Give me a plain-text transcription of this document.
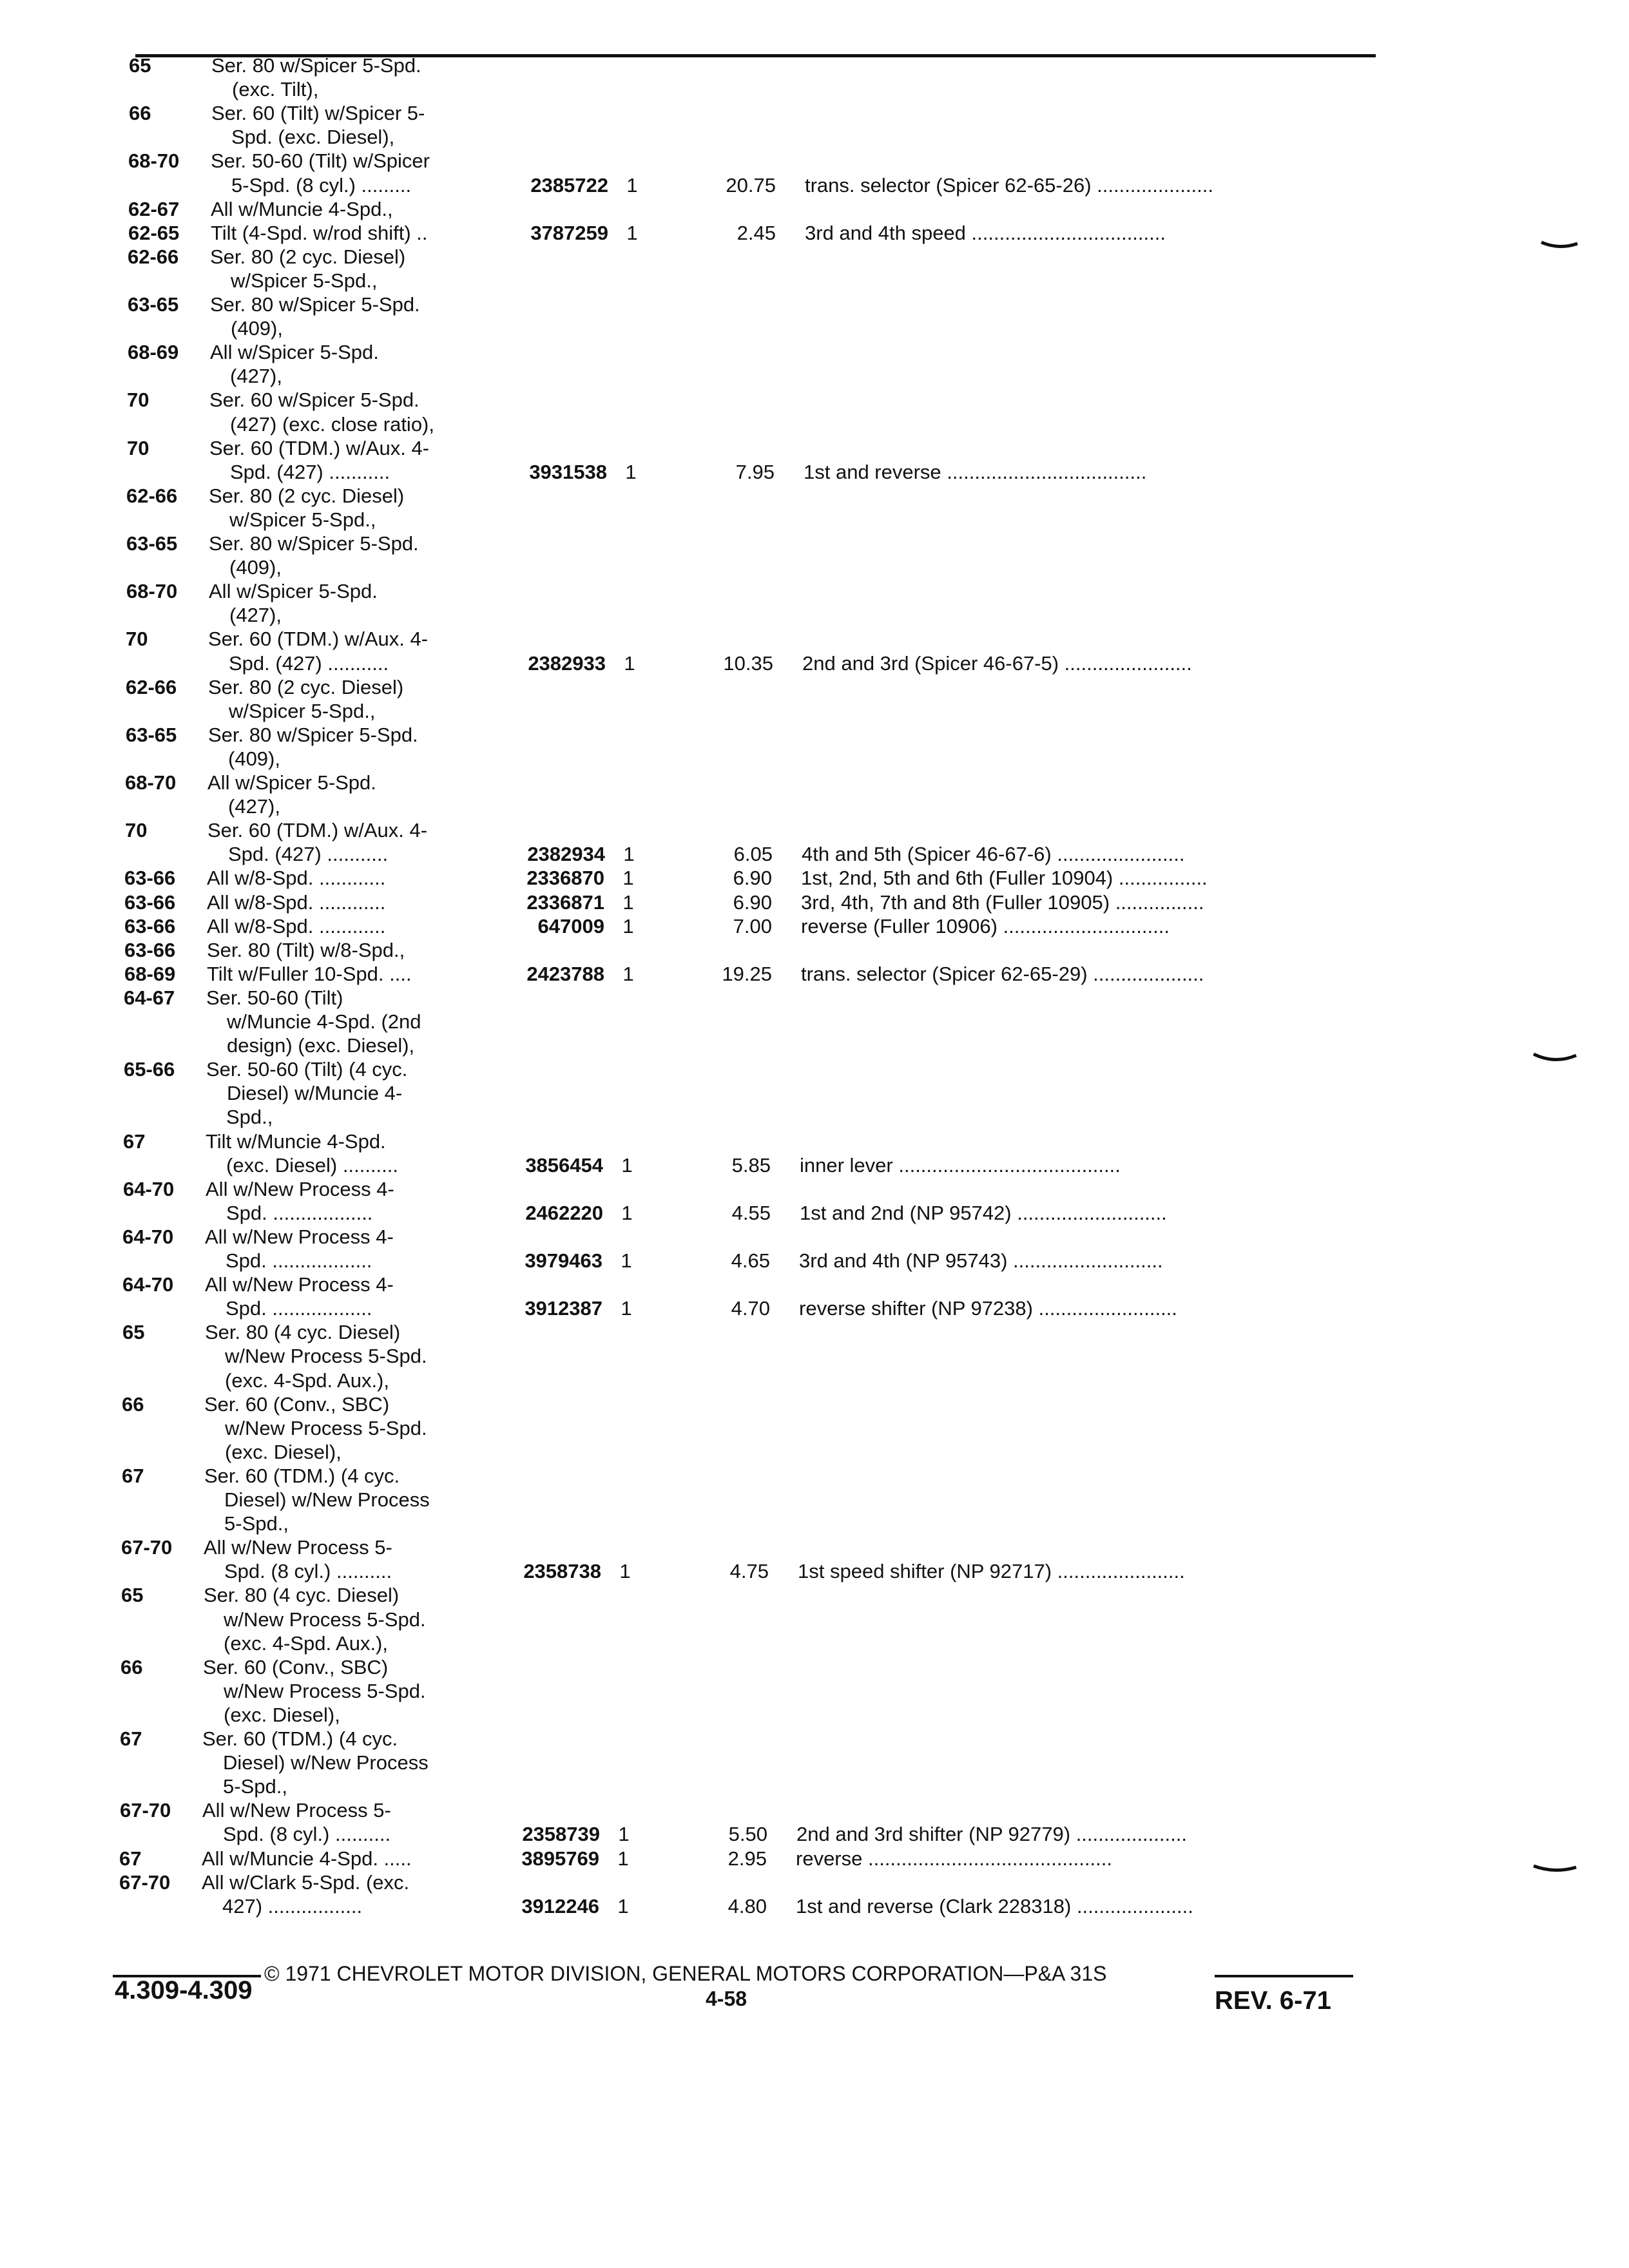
65	Ser. 80 w/Spicer 5-Spd.
(exc. Tilt),
66	Ser. 60 (Tilt) w/Spicer 5-
Spd. (exc. Diesel),
68-70 Ser. 50-60 (Tilt) w/Spicer
5-Spd. (8 cyl.) .........	2385722 1	20.75 trans. selector (Spicer 62-65-26) .....................
62-67 All w/Muncie 4-Spd.,
62-65 Tilt (4-Spd. w/rod shift) ..	3787259 1	2.45 3rd and 4th speed ...................................
62-66 Ser. 80 (2 cyc. Diesel)
w/Spicer 5-Spd.,
63-65 Ser. 80 w/Spicer 5-Spd.
(409),
68-69 All w/Spicer 5-Spd.
(427),
70	Ser. 60 w/Spicer 5-Spd.
(427) (exc. close ratio),
70	Ser. 60 (TDM.) w/Aux. 4-
Spd. (427) ...........	3931538 1	7.95 1st and reverse ....................................
62-66 Ser. 80 (2 cyc. Diesel)
w/Spicer 5-Spd.,
63-65 Ser. 80 w/Spicer 5-Spd.
(409),
68-70 All w/Spicer 5-Spd.
(427),
70	Ser. 60 (TDM.) w/Aux. 4-
Spd. (427) ...........	2382933 1	10.35 2nd and 3rd (Spicer 46-67-5) .......................
62-66 Ser. 80 (2 cyc. Diesel)
w/Spicer 5-Spd.,
63-65 Ser. 80 w/Spicer 5-Spd.
(409),
68-70 All w/Spicer 5-Spd.
(427),
70	Ser. 60 (TDM.) w/Aux. 4-
Spd. (427) ...........	2382934 1	6.05 4th and 5th (Spicer 46-67-6) .......................
63-66 All w/8-Spd. ............	2336870 1	6.90 1st, 2nd, 5th and 6th (Fuller 10904) ................
63-66 All w/8-Spd. ............	2336871 1	6.90 3rd, 4th, 7th and 8th (Fuller 10905) ................
63-66 All w/8-Spd. ............	647009 1	7.00 reverse (Fuller 10906) ..............................
63-66 Ser. 80 (Tilt) w/8-Spd.,
68-69 Tilt w/Fuller 10-Spd. ....	2423788 1	19.25 trans. selector (Spicer 62-65-29) ....................
64-67 Ser. 50-60 (Tilt)
w/Muncie 4-Spd. (2nd
design) (exc. Diesel),
65-66 Ser. 50-60 (Tilt) (4 cyc.
Diesel) w/Muncie 4-
Spd.,
67	Tilt w/Muncie 4-Spd.
(exc. Diesel) ..........	3856454 1	5.85 inner lever ........................................
64-70 All w/New Process 4-
Spd. ..................	2462220 1	4.55 1st and 2nd (NP 95742) ...........................
64-70 All w/New Process 4-
Spd. ..................	3979463 1	4.65 3rd and 4th (NP 95743) ...........................
64-70 All w/New Process 4-
Spd. ..................	3912387 1	4.70 reverse shifter (NP 97238) .........................
65	Ser. 80 (4 cyc. Diesel)
w/New Process 5-Spd.
(exc. 4-Spd. Aux.),
66	Ser. 60 (Conv., SBC)
w/New Process 5-Spd.
(exc. Diesel),
67	Ser. 60 (TDM.) (4 cyc.
Diesel) w/New Process
5-Spd.,
67-70 All w/New Process 5-
Spd. (8 cyl.) ..........	2358738 1	4.75 1st speed shifter (NP 92717) .......................
65	Ser. 80 (4 cyc. Diesel)
w/New Process 5-Spd.
(exc. 4-Spd. Aux.),
66	Ser. 60 (Conv., SBC)
w/New Process 5-Spd.
(exc. Diesel),
67	Ser. 60 (TDM.) (4 cyc.
Diesel) w/New Process
5-Spd.,
67-70 All w/New Process 5-
Spd. (8 cyl.) ..........	2358739 1	5.50 2nd and 3rd shifter (NP 92779) ....................
67	All w/Muncie 4-Spd. .....	3895769 1	2.95 reverse ............................................
67-70 All w/Clark 5-Spd. (exc.
427) .................	3912246 1	4.80 1st and reverse (Clark 228318) .....................
© 1971 CHEVROLET MOTOR DIVISION, GENERAL MOTORS CORPORATION—P&A 31S
4.309-4.309	4-58	REV. 6-71
